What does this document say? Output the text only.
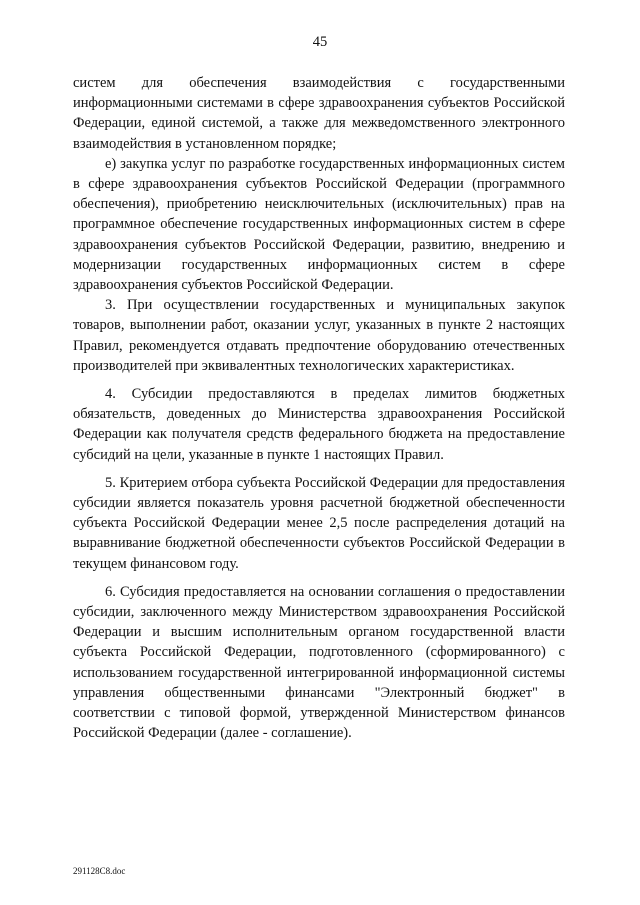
45

систем для обеспечения взаимодействия с государственными информационными системами в сфере здравоохранения субъектов Российской Федерации, единой системой, а также для межведомственного электронного взаимодействия в установленном порядке;

е) закупка услуг по разработке государственных информационных систем в сфере здравоохранения субъектов Российской Федерации (программного обеспечения), приобретению неисключительных (исключительных) прав на программное обеспечение государственных информационных систем в сфере здравоохранения субъектов Российской Федерации, развитию, внедрению и модернизации государственных информационных систем в сфере здравоохранения субъектов Российской Федерации.

3. При осуществлении государственных и муниципальных закупок товаров, выполнении работ, оказании услуг, указанных в пункте 2 настоящих Правил, рекомендуется отдавать предпочтение оборудованию отечественных производителей при эквивалентных технологических характеристиках.

4. Субсидии предоставляются в пределах лимитов бюджетных обязательств, доведенных до Министерства здравоохранения Российской Федерации как получателя средств федерального бюджета на предоставление субсидий на цели, указанные в пункте 1 настоящих Правил.

5. Критерием отбора субъекта Российской Федерации для предоставления субсидии является показатель уровня расчетной бюджетной обеспеченности субъекта Российской Федерации менее 2,5 после распределения дотаций на выравнивание бюджетной обеспеченности субъектов Российской Федерации в текущем финансовом году.

6. Субсидия предоставляется на основании соглашения о предоставлении субсидии, заключенного между Министерством здравоохранения Российской Федерации и высшим исполнительным органом государственной власти субъекта Российской Федерации, подготовленного (сформированного) с использованием государственной интегрированной информационной системы управления общественными финансами "Электронный бюджет" в соответствии с типовой формой, утвержденной Министерством финансов Российской Федерации (далее - соглашение).

291128C8.doc
